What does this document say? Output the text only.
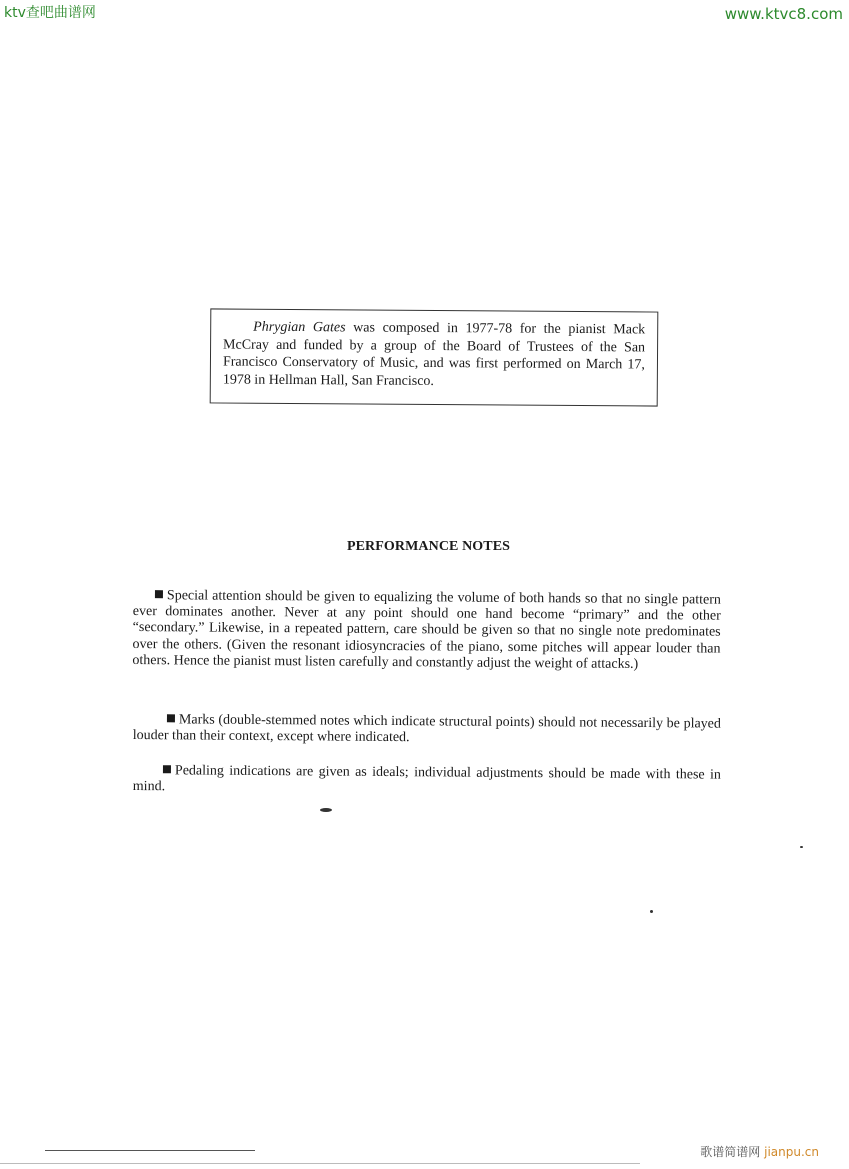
ktv查吧曲谱网	www.ktvc8.com
Phrygian Gates was composed in 1977-78 for the pianist Mack McCray and funded by a group of the Board of Trustees of the San Francisco Conservatory of Music, and was first performed on March 17, 1978 in Hellman Hall, San Francisco.
PERFORMANCE NOTES
Special attention should be given to equalizing the volume of both hands so that no single pattern ever dominates another. Never at any point should one hand become “primary” and the other “secondary.” Likewise, in a repeated pattern, care should be given so that no single note predominates over the others. (Given the resonant idiosyncracies of the piano, some pitches will appear louder than others. Hence the pianist must listen carefully and constantly adjust the weight of attacks.)
Marks (double-stemmed notes which indicate structural points) should not necessarily be played louder than their context, except where indicated.
Pedaling indications are given as ideals; individual adjustments should be made with these in mind.
歌谱简谱网 jianpu.cn
